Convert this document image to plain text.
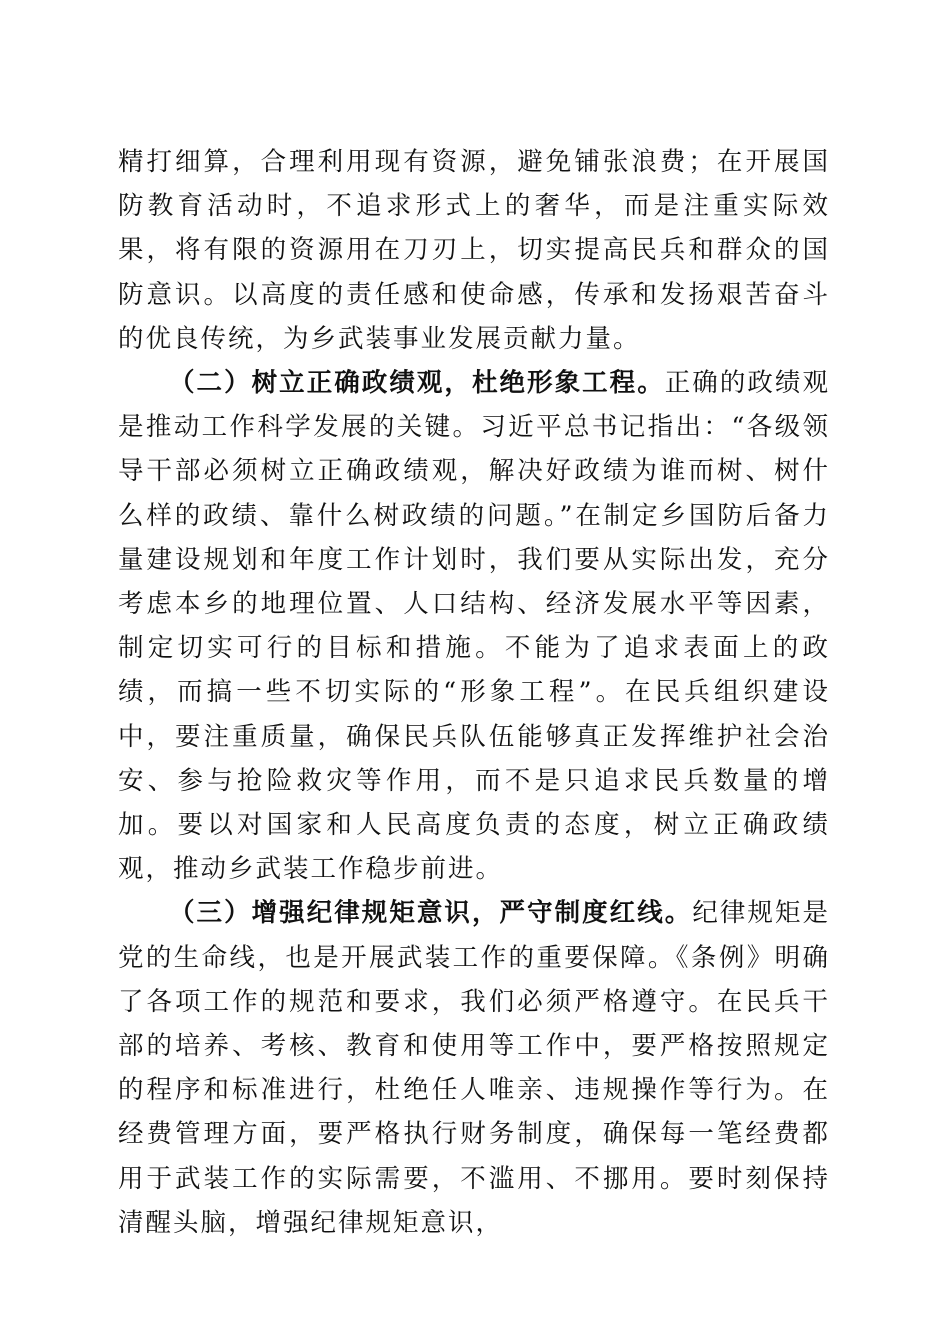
精打细算，合理利用现有资源，避免铺张浪费；在开展国防教育活动时，不追求形式上的奢华，而是注重实际效果，将有限的资源用在刀刃上，切实提高民兵和群众的国防意识。以高度的责任感和使命感，传承和发扬艰苦奋斗的优良传统，为乡武装事业发展贡献力量。

（二）树立正确政绩观，杜绝形象工程。正确的政绩观是推动工作科学发展的关键。习近平总书记指出：“各级领导干部必须树立正确政绩观，解决好政绩为谁而树、树什么样的政绩、靠什么树政绩的问题。”在制定乡国防后备力量建设规划和年度工作计划时，我们要从实际出发，充分考虑本乡的地理位置、人口结构、经济发展水平等因素，制定切实可行的目标和措施。不能为了追求表面上的政绩，而搞一些不切实际的“形象工程”。在民兵组织建设中，要注重质量，确保民兵队伍能够真正发挥维护社会治安、参与抢险救灾等作用，而不是只追求民兵数量的增加。要以对国家和人民高度负责的态度，树立正确政绩观，推动乡武装工作稳步前进。

（三）增强纪律规矩意识，严守制度红线。纪律规矩是党的生命线，也是开展武装工作的重要保障。《条例》明确了各项工作的规范和要求，我们必须严格遵守。在民兵干部的培养、考核、教育和使用等工作中，要严格按照规定的程序和标准进行，杜绝任人唯亲、违规操作等行为。在经费管理方面，要严格执行财务制度，确保每一笔经费都用于武装工作的实际需要，不滥用、不挪用。要时刻保持清醒头脑，增强纪律规矩意识，
